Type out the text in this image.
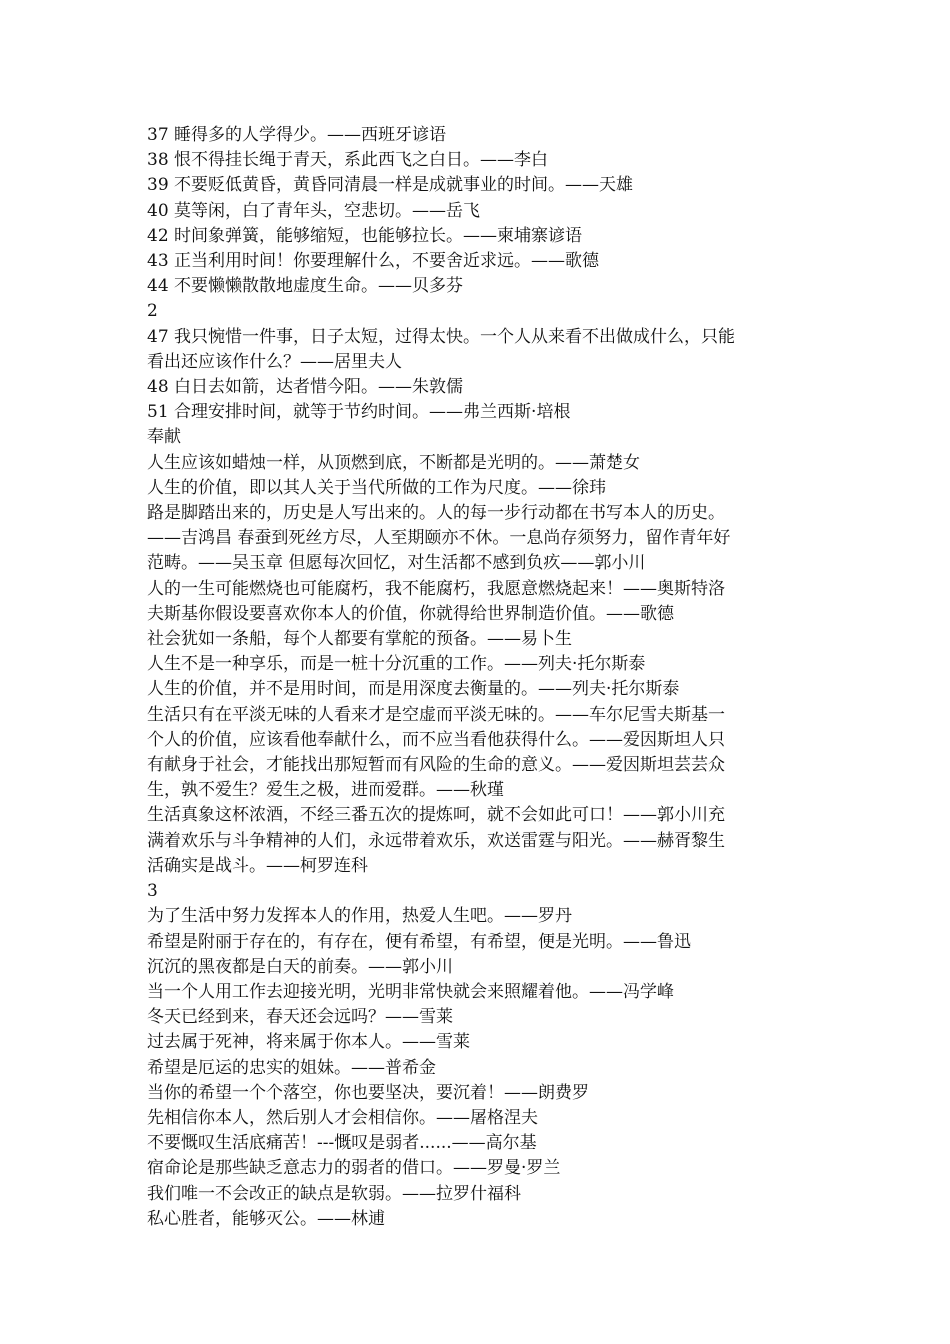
37 睡得多的人学得少。——西班牙谚语
38 恨不得挂长绳于青天，系此西飞之白日。——李白
39 不要贬低黄昏，黄昏同清晨一样是成就事业的时间。——天雄
40 莫等闲，白了青年头，空悲切。——岳飞
42 时间象弹簧，能够缩短，也能够拉长。——柬埔寨谚语
43 正当利用时间！你要理解什么，不要舍近求远。——歌德
44 不要懒懒散散地虚度生命。——贝多芬
2
47 我只惋惜一件事，日子太短，过得太快。一个人从来看不出做成什么，只能
看出还应该作什么？——居里夫人
48 白日去如箭，达者惜今阳。——朱敦儒
51 合理安排时间，就等于节约时间。——弗兰西斯·培根
奉献
人生应该如蜡烛一样，从顶燃到底，不断都是光明的。——萧楚女
人生的价值，即以其人关于当代所做的工作为尺度。——徐玮
路是脚踏出来的，历史是人写出来的。人的每一步行动都在书写本人的历史。
——吉鸿昌 春蚕到死丝方尽，人至期颐亦不休。一息尚存须努力，留作青年好
范畴。——吴玉章 但愿每次回忆，对生活都不感到负疚——郭小川
人的一生可能燃烧也可能腐朽，我不能腐朽，我愿意燃烧起来！——奥斯特洛
夫斯基你假设要喜欢你本人的价值，你就得给世界制造价值。——歌德
社会犹如一条船，每个人都要有掌舵的预备。——易卜生
人生不是一种享乐，而是一桩十分沉重的工作。——列夫·托尔斯泰
人生的价值，并不是用时间，而是用深度去衡量的。——列夫·托尔斯泰
生活只有在平淡无味的人看来才是空虚而平淡无味的。——车尔尼雪夫斯基一
个人的价值，应该看他奉献什么，而不应当看他获得什么。——爱因斯坦人只
有献身于社会，才能找出那短暂而有风险的生命的意义。——爱因斯坦芸芸众
生，孰不爱生？爱生之极，进而爱群。——秋瑾
生活真象这杯浓酒，不经三番五次的提炼呵，就不会如此可口！——郭小川充
满着欢乐与斗争精神的人们，永远带着欢乐，欢送雷霆与阳光。——赫胥黎生
活确实是战斗。——柯罗连科
3
为了生活中努力发挥本人的作用，热爱人生吧。——罗丹
希望是附丽于存在的，有存在，便有希望，有希望，便是光明。——鲁迅
沉沉的黑夜都是白天的前奏。——郭小川
当一个人用工作去迎接光明，光明非常快就会来照耀着他。——冯学峰
冬天已经到来，春天还会远吗？——雪莱
过去属于死神，将来属于你本人。——雪莱
希望是厄运的忠实的姐妹。——普希金
当你的希望一个个落空，你也要坚决，要沉着！——朗费罗
先相信你本人，然后别人才会相信你。——屠格涅夫
不要慨叹生活底痛苦！---慨叹是弱者......——高尔基
宿命论是那些缺乏意志力的弱者的借口。——罗曼·罗兰
我们唯一不会改正的缺点是软弱。——拉罗什福科
私心胜者，能够灭公。——林逋
